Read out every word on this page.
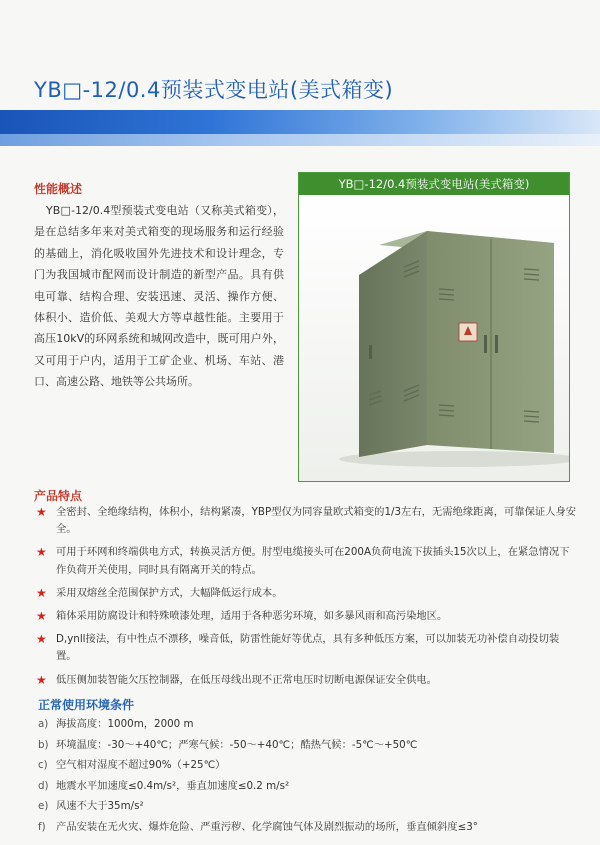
YB□-12/0.4预装式变电站(美式箱变)
性能概述
YB□-12/0.4型预装式变电站（又称美式箱变），是在总结多年来对美式箱变的现场服务和运行经验的基础上，消化吸收国外先进技术和设计理念，专门为我国城市配网而设计制造的新型产品。具有供电可靠、结构合理、安装迅速、灵活、操作方便、体积小、造价低、美观大方等卓越性能。主要用于高压10kV的环网系统和城网改造中，既可用户外，又可用于户内，适用于工矿企业、机场、车站、港口、高速公路、地铁等公共场所。
YB□-12/0.4预装式变电站(美式箱变)
产品特点
★ 全密封、全绝缘结构，体积小，结构紧凑，YBP型仅为同容量欧式箱变的1/3左右，无需绝缘距离，可靠保证人身安全。
★ 可用于环网和终端供电方式，转换灵活方便。肘型电缆接头可在200A负荷电流下拔插头15次以上，在紧急情况下作负荷开关使用，同时具有隔离开关的特点。
★ 采用双熔丝全范围保护方式，大幅降低运行成本。
★ 箱体采用防腐设计和特殊喷漆处理，适用于各种恶劣环境，如多暴风雨和高污染地区。
★ D,ynll接法，有中性点不漂移，噪音低，防雷性能好等优点，具有多种低压方案，可以加装无功补偿自动投切装置。
★ 低压侧加装智能欠压控制器，在低压母线出现不正常电压时切断电源保证安全供电。
正常使用环境条件
a) 海拔高度：1000m，2000 m
b) 环境温度：-30～+40℃；严寒气候：-50～+40℃；酷热气候：-5℃～+50℃
c) 空气相对湿度不超过90%（+25℃）
d) 地震水平加速度≤0.4m/s²，垂直加速度≤0.2 m/s²
e) 风速不大于35m/s²
f) 产品安装在无火灾、爆炸危险、严重污秽、化学腐蚀气体及剧烈振动的场所，垂直倾斜度≤3°
